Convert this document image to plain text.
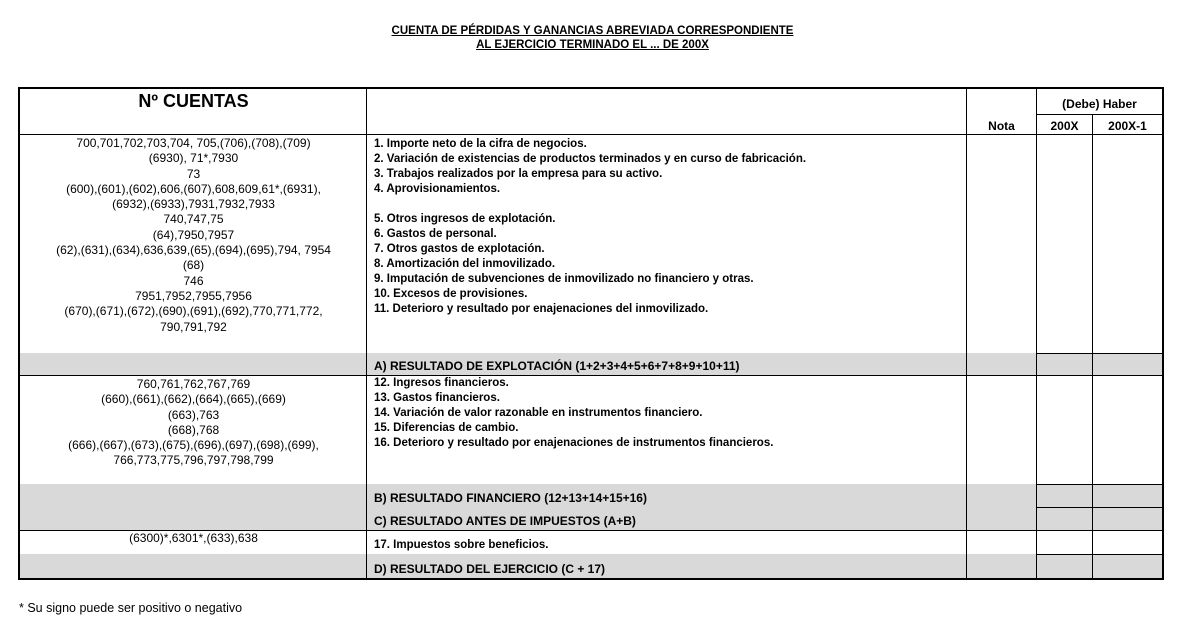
CUENTA DE PÉRDIDAS Y GANANCIAS ABREVIADA CORRESPONDIENTE
AL EJERCICIO TERMINADO EL ... DE 200X
Nº CUENTAS
Nota
(Debe) Haber
200X	200X-1
700,701,702,703,704, 705,(706),(708),(709)
(6930), 71*,7930
73
(600),(601),(602),606,(607),608,609,61*,(6931),
(6932),(6933),7931,7932,7933
740,747,75
(64),7950,7957
(62),(631),(634),636,639,(65),(694),(695),794, 7954
(68)
746
7951,7952,7955,7956
(670),(671),(672),(690),(691),(692),770,771,772,
790,791,792
1. Importe neto de la cifra de negocios.
2. Variación de existencias de productos terminados y en curso de fabricación.
3. Trabajos realizados por la empresa para su activo.
4. Aprovisionamientos.
5. Otros ingresos de explotación.
6. Gastos de personal.
7. Otros gastos de explotación.
8. Amortización del inmovilizado.
9. Imputación de subvenciones de inmovilizado no financiero y otras.
10. Excesos de provisiones.
11. Deterioro y resultado por enajenaciones del inmovilizado.
A) RESULTADO DE EXPLOTACIÓN (1+2+3+4+5+6+7+8+9+10+11)
760,761,762,767,769
(660),(661),(662),(664),(665),(669)
(663),763
(668),768
(666),(667),(673),(675),(696),(697),(698),(699),
766,773,775,796,797,798,799
12. Ingresos financieros.
13. Gastos financieros.
14. Variación de valor razonable en instrumentos financiero.
15. Diferencias de cambio.
16. Deterioro y resultado por enajenaciones de instrumentos financieros.
B) RESULTADO FINANCIERO (12+13+14+15+16)
C) RESULTADO ANTES DE IMPUESTOS (A+B)
(6300)*,6301*,(633),638	17. Impuestos sobre beneficios.
D) RESULTADO DEL EJERCICIO (C + 17)
* Su signo puede ser positivo o negativo
